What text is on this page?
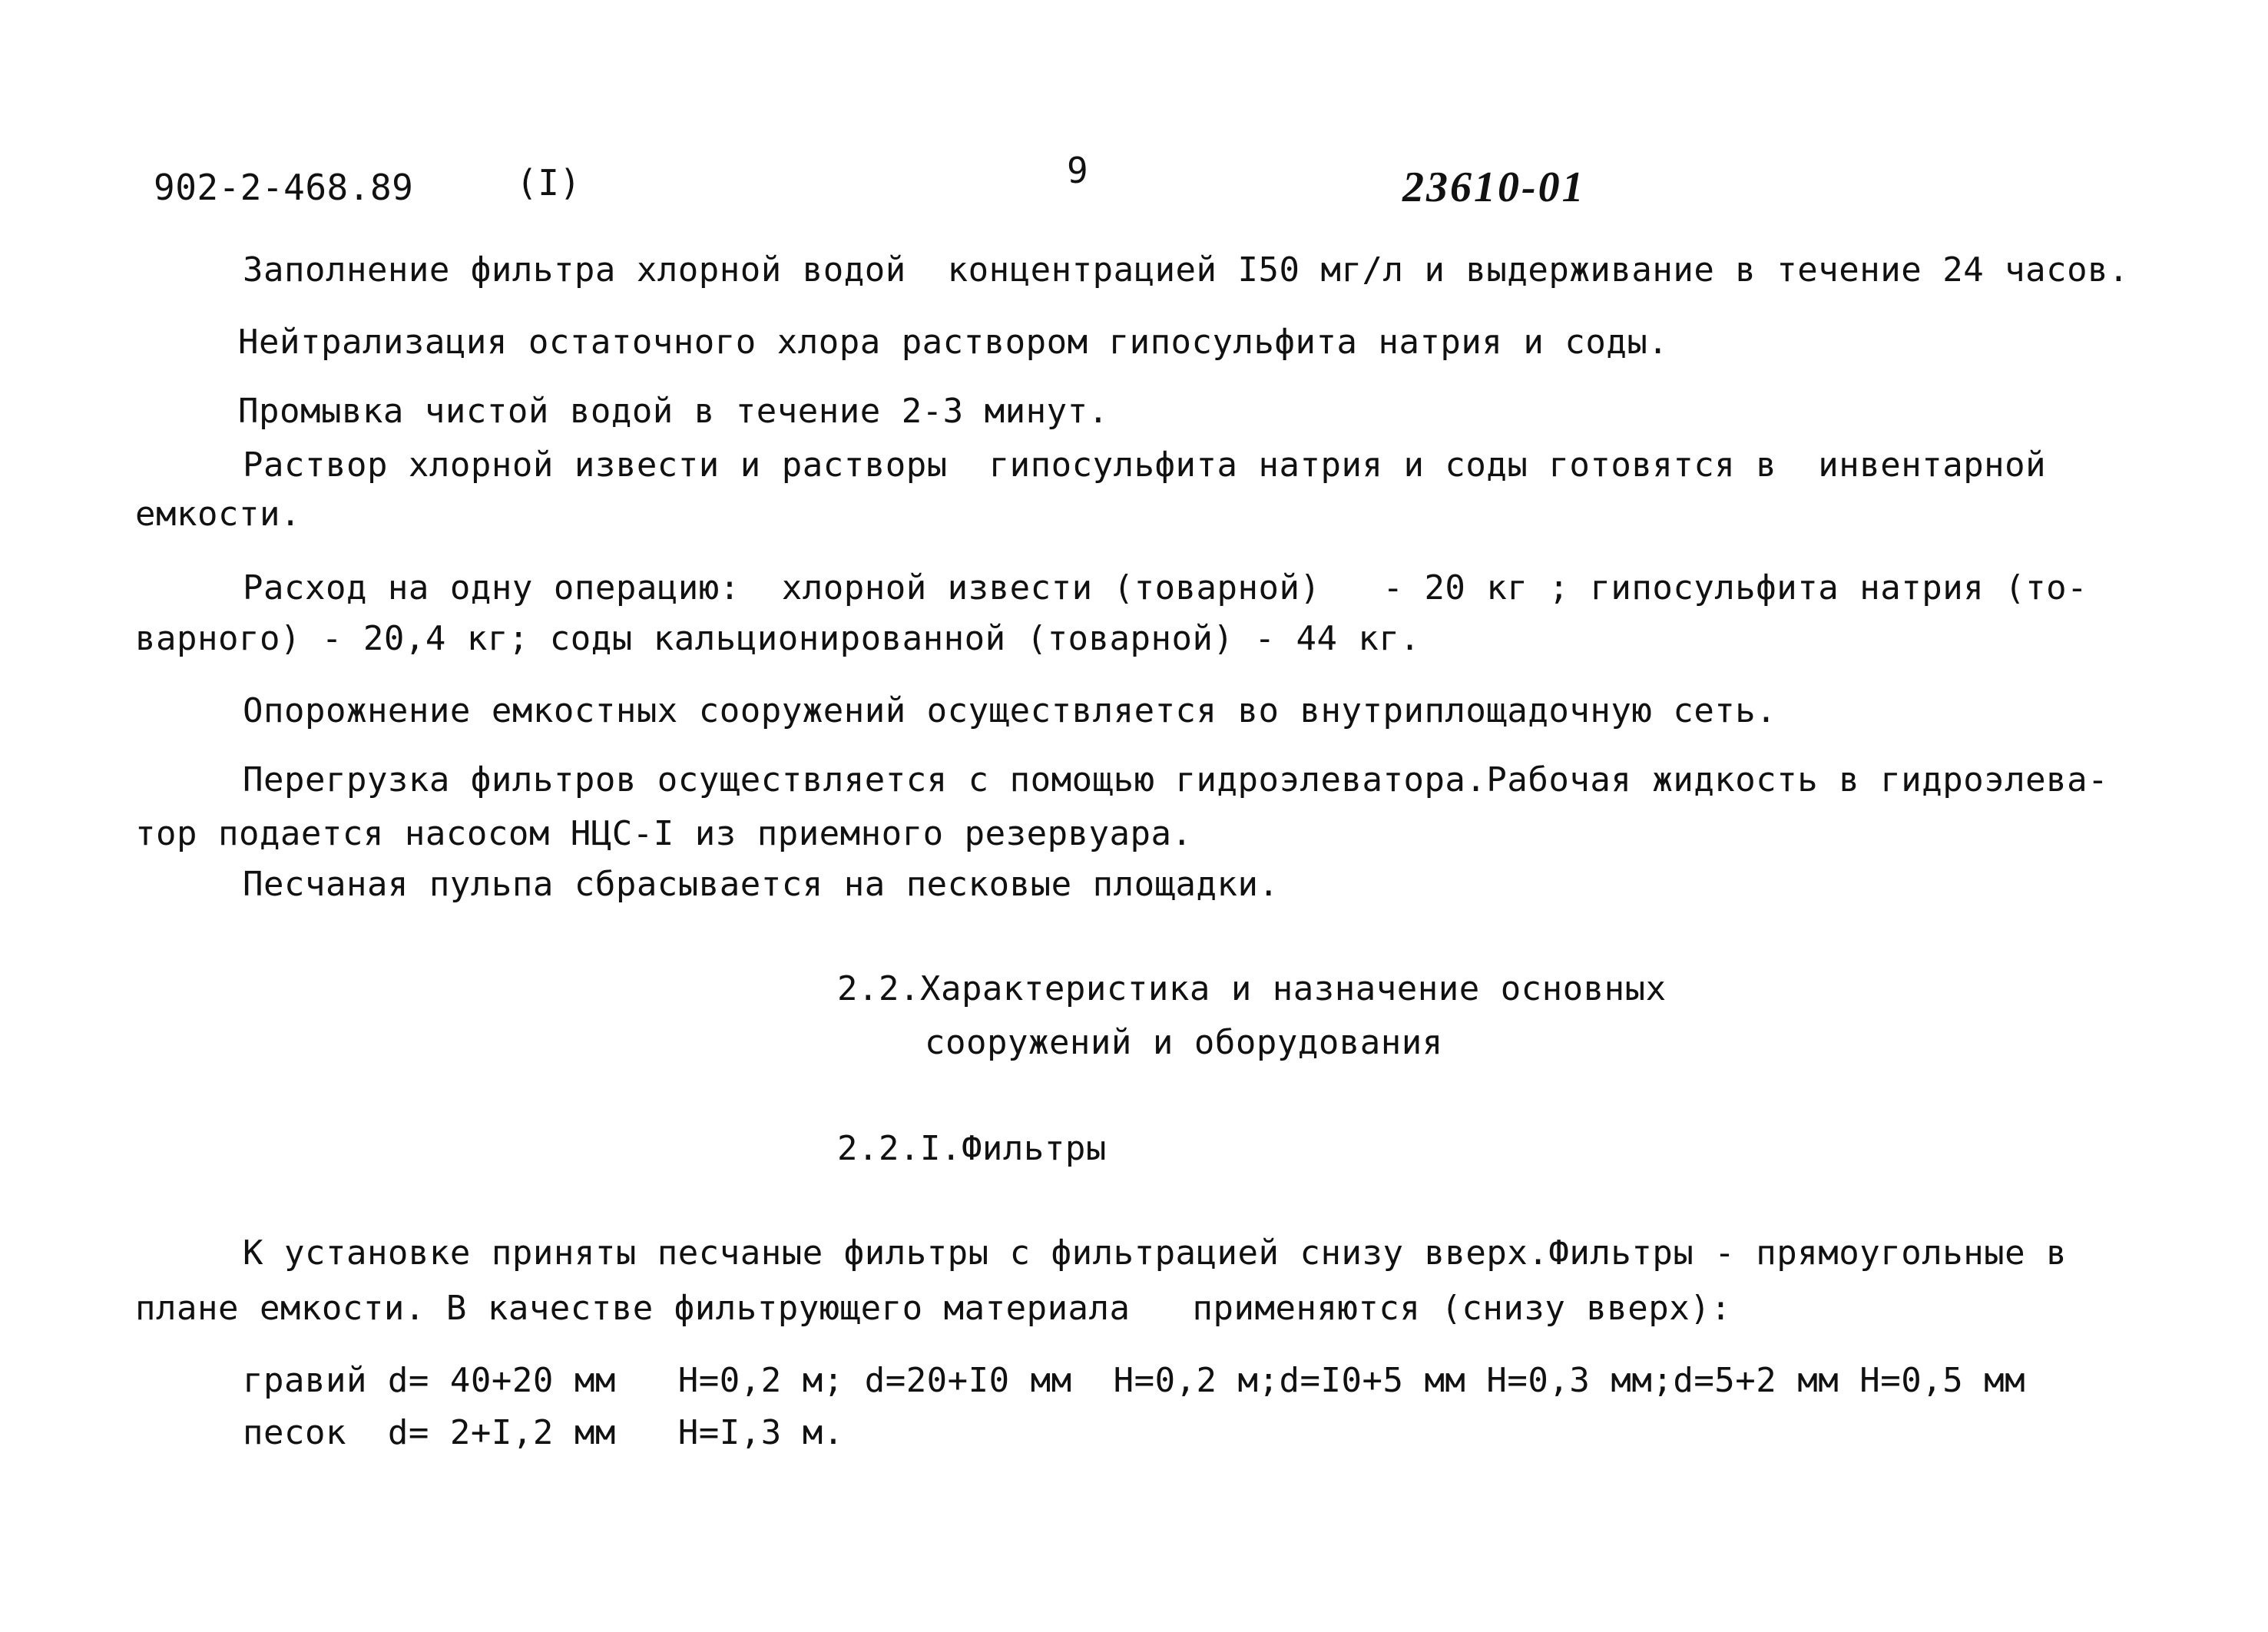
902-2-468.89	(I)	9	23610-01
Заполнение фильтра хлорной водой  концентрацией I50 мг/л и выдерживание в течение 24 часов.
Нейтрализация остаточного хлора раствором гипосульфита натрия и соды.
Промывка чистой водой в течение 2-3 минут.
Раствор хлорной извести и растворы  гипосульфита натрия и соды готовятся в  инвентарной
емкости.
Расход на одну операцию:  хлорной извести (товарной)   - 20 кг ; гипосульфита натрия (то-
варного) - 20,4 кг; соды кальционированной (товарной) - 44 кг.
Опорожнение емкостных сооружений осуществляется во внутриплощадочную сеть.
Перегрузка фильтров осуществляется с помощью гидроэлеватора.Рабочая жидкость в гидроэлева-
тор подается насосом НЦС-I из приемного резервуара.
Песчаная пульпа сбрасывается на песковые площадки.
2.2.Характеристика и назначение основных
сооружений и оборудования
2.2.I.Фильтры
К установке приняты песчаные фильтры с фильтрацией снизу вверх.Фильтры - прямоугольные в
плане емкости. В качестве фильтрующего материала   применяются (снизу вверх):
гравий d= 40+20 мм   H=0,2 м; d=20+I0 мм  H=0,2 м;d=I0+5 мм H=0,3 мм;d=5+2 мм H=0,5 мм
песок  d= 2+I,2 мм   H=I,3 м.
